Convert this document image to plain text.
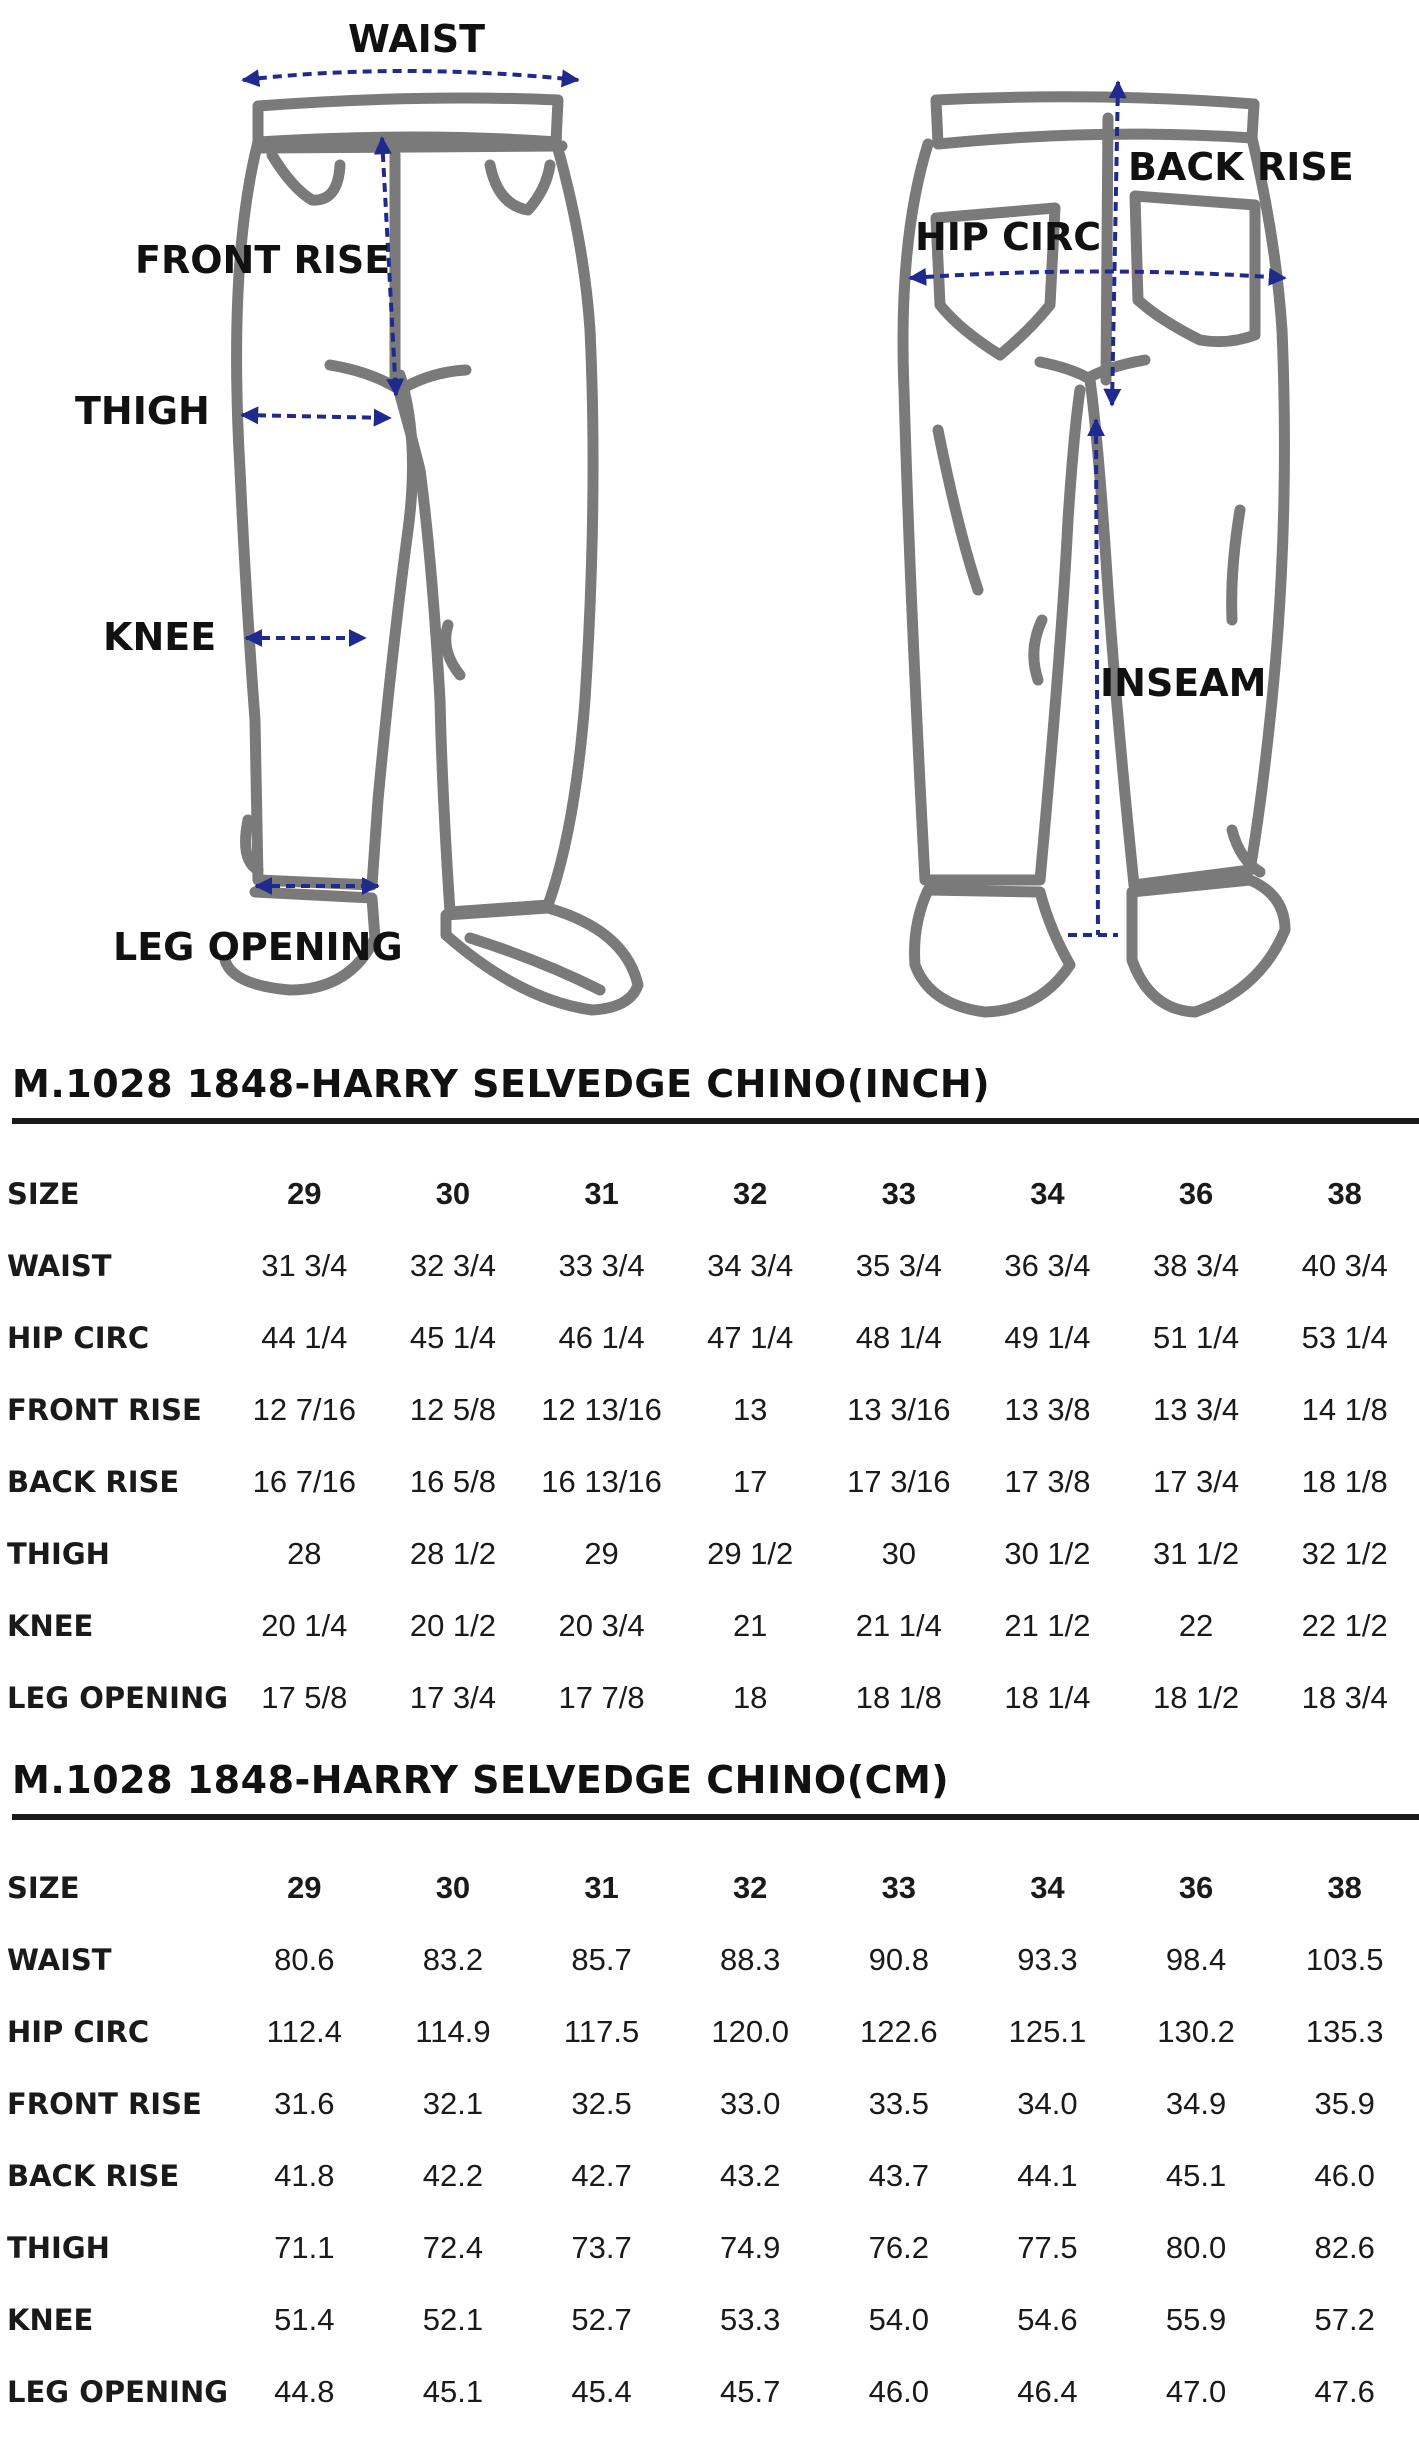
WAIST
FRONT RISE
THIGH
KNEE
LEG OPENING
BACK RISE
HIP CIRC
INSEAM
M.1028 1848-HARRY SELVEDGE CHINO(INCH)
SIZE	29	30	31	32	33	34	36	38
WAIST	31 3/4	32 3/4	33 3/4	34 3/4	35 3/4	36 3/4	38 3/4	40 3/4
HIP CIRC	44 1/4	45 1/4	46 1/4	47 1/4	48 1/4	49 1/4	51 1/4	53 1/4
FRONT RISE	12 7/16	12 5/8	12 13/16	13	13 3/16	13 3/8	13 3/4	14 1/8
BACK RISE	16 7/16	16 5/8	16 13/16	17	17 3/16	17 3/8	17 3/4	18 1/8
THIGH	28	28 1/2	29	29 1/2	30	30 1/2	31 1/2	32 1/2
KNEE	20 1/4	20 1/2	20 3/4	21	21 1/4	21 1/2	22	22 1/2
LEG OPENING	17 5/8	17 3/4	17 7/8	18	18 1/8	18 1/4	18 1/2	18 3/4
M.1028 1848-HARRY SELVEDGE CHINO(CM)
SIZE	29	30	31	32	33	34	36	38
WAIST	80.6	83.2	85.7	88.3	90.8	93.3	98.4	103.5
HIP CIRC	112.4	114.9	117.5	120.0	122.6	125.1	130.2	135.3
FRONT RISE	31.6	32.1	32.5	33.0	33.5	34.0	34.9	35.9
BACK RISE	41.8	42.2	42.7	43.2	43.7	44.1	45.1	46.0
THIGH	71.1	72.4	73.7	74.9	76.2	77.5	80.0	82.6
KNEE	51.4	52.1	52.7	53.3	54.0	54.6	55.9	57.2
LEG OPENING	44.8	45.1	45.4	45.7	46.0	46.4	47.0	47.6
